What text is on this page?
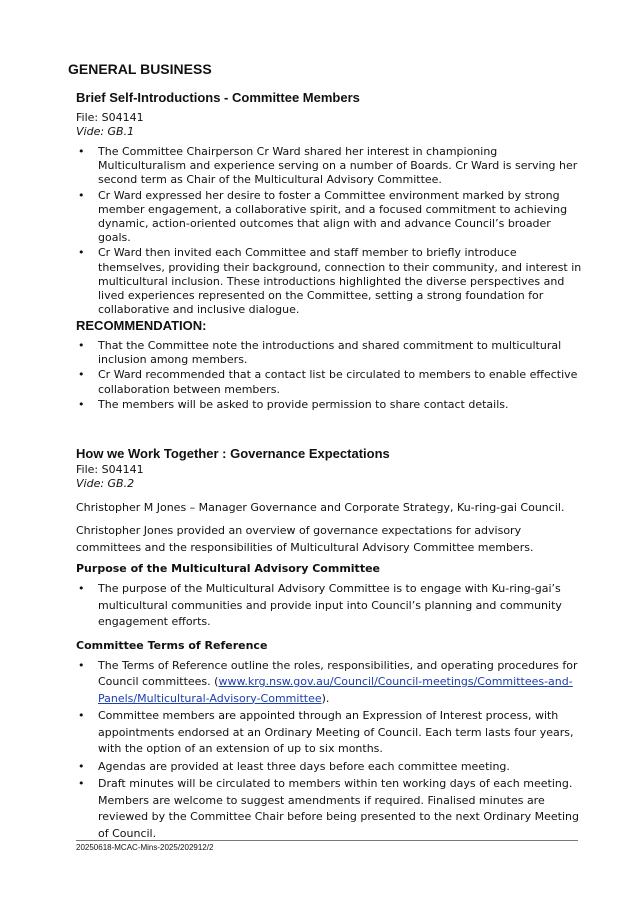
GENERAL BUSINESS
Brief Self-Introductions - Committee Members

File: S04141

Vide: GB.1

• The Committee Chairperson Cr Ward shared her interest in championing Multiculturalism and experience serving on a number of Boards. Cr Ward is serving her second term as Chair of the Multicultural Advisory Committee.
• Cr Ward expressed her desire to foster a Committee environment marked by strong member engagement, a collaborative spirit, and a focused commitment to achieving dynamic, action-oriented outcomes that align with and advance Council’s broader goals.
• Cr Ward then invited each Committee and staff member to briefly introduce themselves, providing their background, connection to their community, and interest in multicultural inclusion. These introductions highlighted the diverse perspectives and lived experiences represented on the Committee, setting a strong foundation for collaborative and inclusive dialogue.
RECOMMENDATION:
• That the Committee note the introductions and shared commitment to multicultural inclusion among members.
• Cr Ward recommended that a contact list be circulated to members to enable effective collaboration between members.
• The members will be asked to provide permission to share contact details.
How we Work Together : Governance Expectations

File: S04141

Vide: GB.2

Christopher M Jones – Manager Governance and Corporate Strategy, Ku-ring-gai Council.

Christopher Jones provided an overview of governance expectations for advisory committees and the responsibilities of Multicultural Advisory Committee members.

Purpose of the Multicultural Advisory Committee

• The purpose of the Multicultural Advisory Committee is to engage with Ku-ring-gai’s multicultural communities and provide input into Council’s planning and community engagement efforts.

Committee Terms of Reference

• The Terms of Reference outline the roles, responsibilities, and operating procedures for Council committees. (www.krg.nsw.gov.au/Council/Council-meetings/Committees-and-Panels/Multicultural-Advisory-Committee).
• Committee members are appointed through an Expression of Interest process, with appointments endorsed at an Ordinary Meeting of Council. Each term lasts four years, with the option of an extension of up to six months.
• Agendas are provided at least three days before each committee meeting.
• Draft minutes will be circulated to members within ten working days of each meeting. Members are welcome to suggest amendments if required. Finalised minutes are reviewed by the Committee Chair before being presented to the next Ordinary Meeting of Council.
20250618-MCAC-Mins-2025/202912/2
